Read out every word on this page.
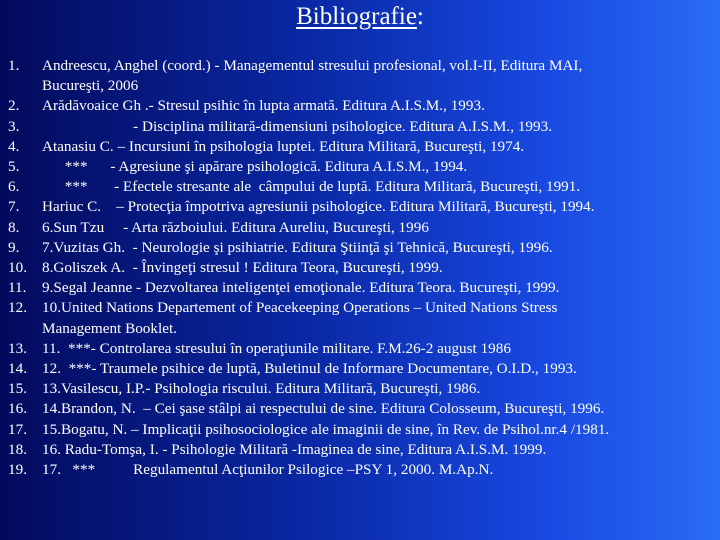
Bibliografie:
1. Andreescu, Anghel (coord.) - Managementul stresului profesional, vol.I-II, Editura MAI,
Bucureşti, 2006
2. Arădăvoaice Gh .- Stresul psihic în lupta armată. Editura A.I.S.M., 1993.
3. - Disciplina militară-dimensiuni psihologice. Editura A.I.S.M., 1993.
4. Atanasiu C. – Incursiuni în psihologia luptei. Editura Militară, Bucureşti, 1974.
5. ***      - Agresiune şi apărare psihologică. Editura A.I.S.M., 1994.
6. ***       - Efectele stresante ale  câmpului de luptă. Editura Militară, Bucureşti, 1991.
7. Hariuc C.    – Protecţia împotriva agresiunii psihologice. Editura Militară, Bucureşti, 1994.
8. 6.Sun Tzu     - Arta războiului. Editura Aureliu, Bucureşti, 1996
9. 7.Vuzitas Gh.  - Neurologie şi psihiatrie. Editura Ştiinţă şi Tehnică, Bucureşti, 1996.
10. 8.Goliszek A.  - Învingeţi stresul ! Editura Teora, Bucureşti, 1999.
11. 9.Segal Jeanne - Dezvoltarea inteligenţei emoţionale. Editura Teora. Bucureşti, 1999.
12. 10.United Nations Departement of Peacekeeping Operations – United Nations Stress
Management Booklet.
13. 11.  ***- Controlarea stresului în operaţiunile militare. F.M.26-2 august 1986
14. 12.  ***- Traumele psihice de luptă, Buletinul de Informare Documentare, O.I.D., 1993.
15. 13.Vasilescu, I.P.- Psihologia riscului. Editura Militară, Bucureşti, 1986.
16. 14.Brandon, N.  – Cei şase stâlpi ai respectului de sine. Editura Colosseum, Bucureşti, 1996.
17. 15.Bogatu, N. – Implicaţii psihosociologice ale imaginii de sine, în Rev. de Psihol.nr.4 /1981.
18. 16. Radu-Tomşa, I. - Psihologie Militară -Imaginea de sine, Editura A.I.S.M. 1999.
19. 17.   ***          Regulamentul Acţiunilor Psilogice –PSY 1, 2000. M.Ap.N.
